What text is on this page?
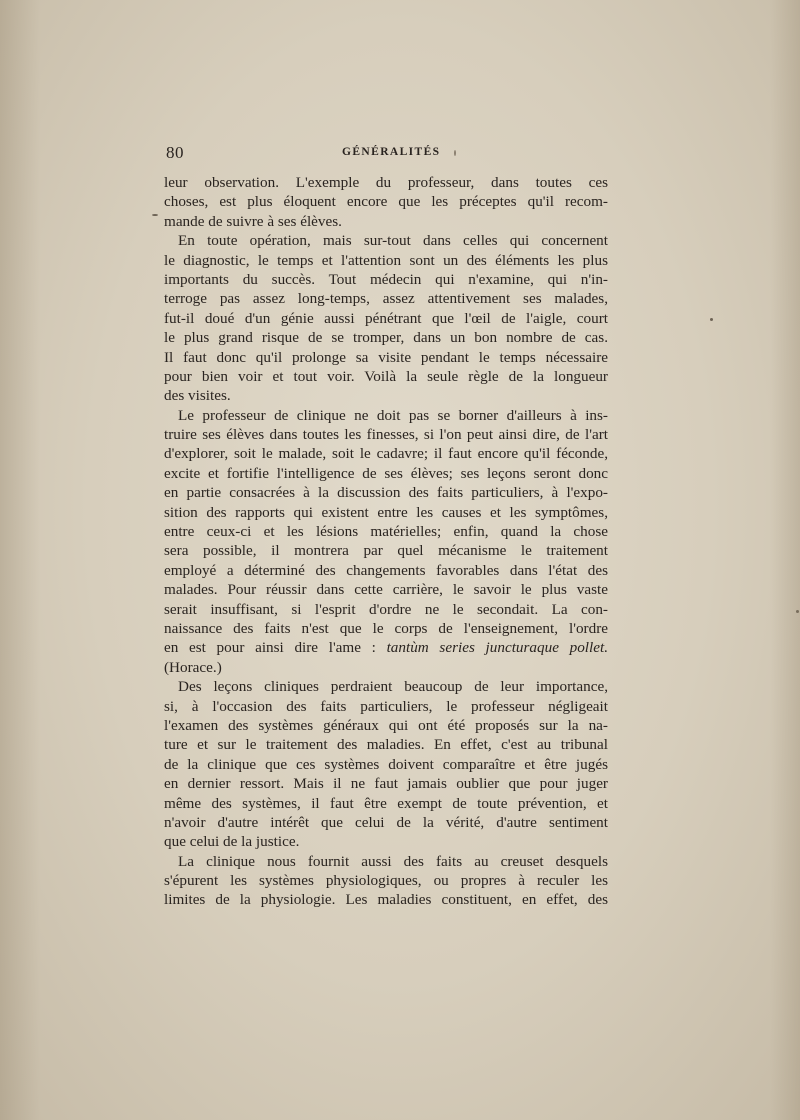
80	GÉNÉRALITÉS
leur observation. L'exemple du professeur, dans toutes ces
choses, est plus éloquent encore que les préceptes qu'il recom-
mande de suivre à ses élèves.
En toute opération, mais sur-tout dans celles qui concernent
le diagnostic, le temps et l'attention sont un des éléments les plus
importants du succès. Tout médecin qui n'examine, qui n'in-
terroge pas assez long-temps, assez attentivement ses malades,
fut-il doué d'un génie aussi pénétrant que l'œil de l'aigle, court
le plus grand risque de se tromper, dans un bon nombre de cas.
Il faut donc qu'il prolonge sa visite pendant le temps nécessaire
pour bien voir et tout voir. Voilà la seule règle de la longueur
des visites.
Le professeur de clinique ne doit pas se borner d'ailleurs à ins-
truire ses élèves dans toutes les finesses, si l'on peut ainsi dire, de l'art
d'explorer, soit le malade, soit le cadavre; il faut encore qu'il féconde,
excite et fortifie l'intelligence de ses élèves; ses leçons seront donc
en partie consacrées à la discussion des faits particuliers, à l'expo-
sition des rapports qui existent entre les causes et les symptômes,
entre ceux-ci et les lésions matérielles; enfin, quand la chose
sera possible, il montrera par quel mécanisme le traitement
employé a déterminé des changements favorables dans l'état des
malades. Pour réussir dans cette carrière, le savoir le plus vaste
serait insuffisant, si l'esprit d'ordre ne le secondait. La con-
naissance des faits n'est que le corps de l'enseignement, l'ordre
en est pour ainsi dire l'ame : tantùm series juncturaque pollet.
(Horace.)
Des leçons cliniques perdraient beaucoup de leur importance,
si, à l'occasion des faits particuliers, le professeur négligeait
l'examen des systèmes généraux qui ont été proposés sur la na-
ture et sur le traitement des maladies. En effet, c'est au tribunal
de la clinique que ces systèmes doivent comparaître et être jugés
en dernier ressort. Mais il ne faut jamais oublier que pour juger
même des systèmes, il faut être exempt de toute prévention, et
n'avoir d'autre intérêt que celui de la vérité, d'autre sentiment
que celui de la justice.
La clinique nous fournit aussi des faits au creuset desquels
s'épurent les systèmes physiologiques, ou propres à reculer les
limites de la physiologie. Les maladies constituent, en effet, des
